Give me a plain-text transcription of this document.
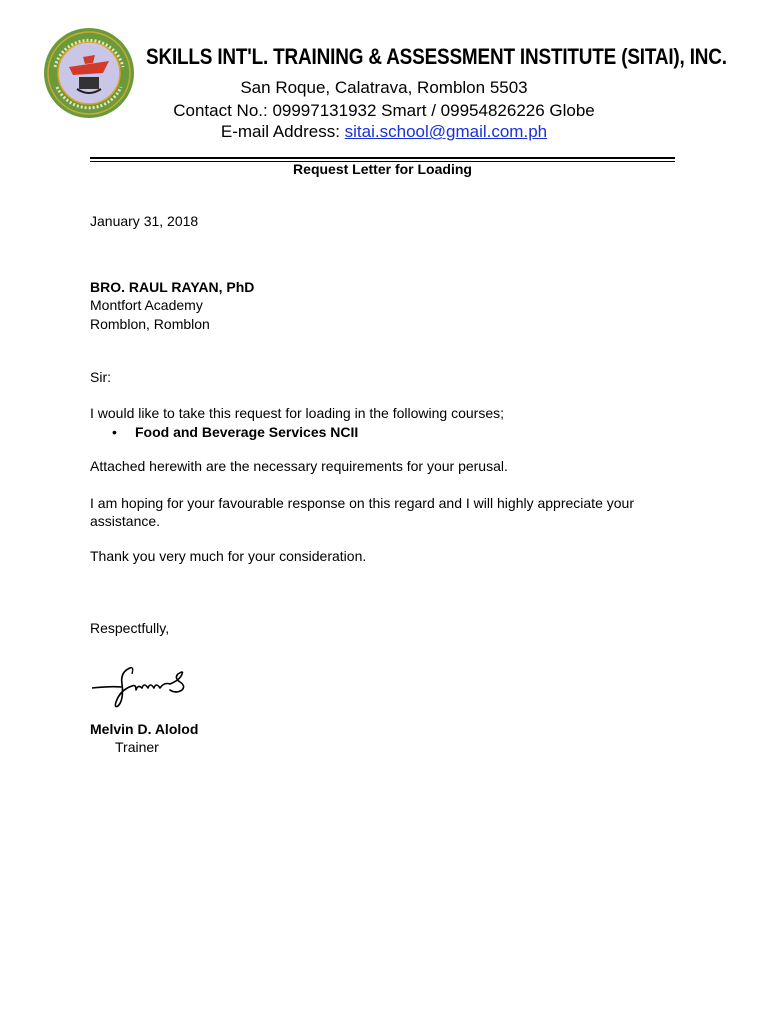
SKILLS INT'L. TRAINING & ASSESSMENT INSTITUTE (SITAI), INC.
San Roque, Calatrava, Romblon 5503
Contact No.: 09997131932 Smart / 09954826226 Globe
E-mail Address: sitai.school@gmail.com.ph
Request Letter for Loading
January 31, 2018
BRO. RAUL RAYAN, PhD
Montfort Academy
Romblon, Romblon
Sir:
I would like to take this request for loading in the following courses;
• Food and Beverage Services NCII
Attached herewith are the necessary requirements for your perusal.
I am hoping for your favourable response on this regard and I will highly appreciate your
assistance.
Thank you very much for your consideration.
Respectfully,
Melvin D. Alolod
Trainer
